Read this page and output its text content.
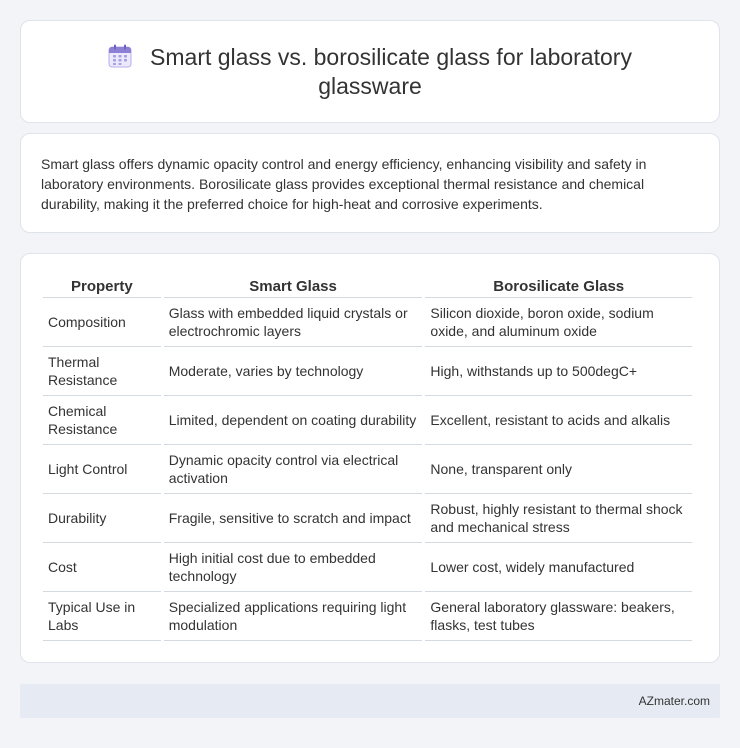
Smart glass vs. borosilicate glass for laboratory glassware

Smart glass offers dynamic opacity control and energy efficiency, enhancing visibility and safety in laboratory environments. Borosilicate glass provides exceptional thermal resistance and chemical durability, making it the preferred choice for high-heat and corrosive experiments.

Property	Smart Glass	Borosilicate Glass
Composition	Glass with embedded liquid crystals or electrochromic layers	Silicon dioxide, boron oxide, sodium oxide, and aluminum oxide
Thermal Resistance	Moderate, varies by technology	High, withstands up to 500degC+
Chemical Resistance	Limited, dependent on coating durability	Excellent, resistant to acids and alkalis
Light Control	Dynamic opacity control via electrical activation	None, transparent only
Durability	Fragile, sensitive to scratch and impact	Robust, highly resistant to thermal shock and mechanical stress
Cost	High initial cost due to embedded technology	Lower cost, widely manufactured
Typical Use in Labs	Specialized applications requiring light modulation	General laboratory glassware: beakers, flasks, test tubes
AZmater.com
